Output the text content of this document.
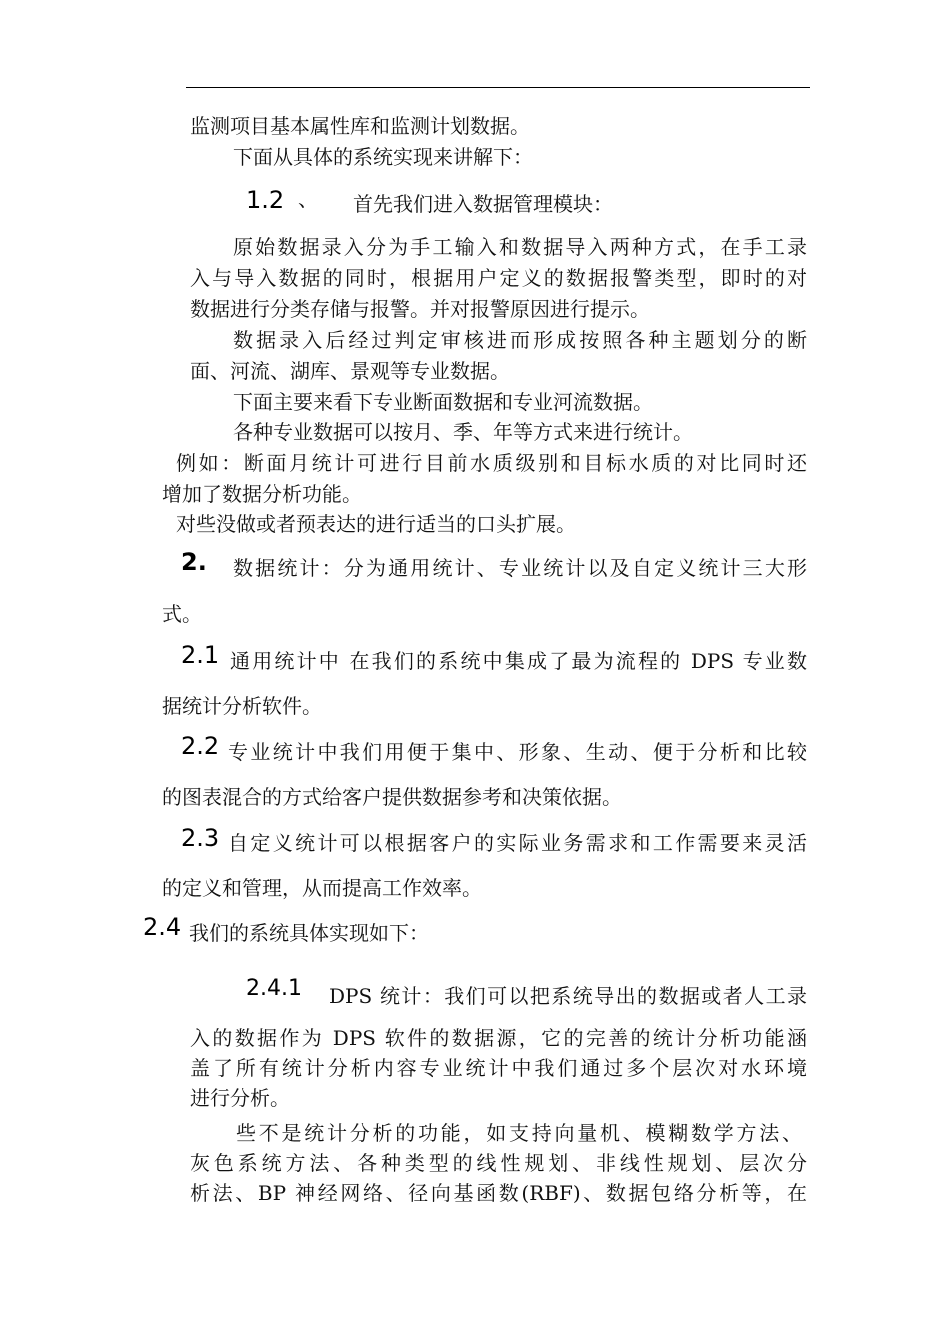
监测项目基本属性库和监测计划数据。
下面从具体的系统实现来讲解下：
1.2 、 首先我们进入数据管理模块：
原始数据录入分为手工输入和数据导入两种方式，在手工录
入与导入数据的同时，根据用户定义的数据报警类型，即时的对
数据进行分类存储与报警。并对报警原因进行提示。
数据录入后经过判定审核进而形成按照各种主题划分的断
面、河流、湖库、景观等专业数据。
下面主要来看下专业断面数据和专业河流数据。
各种专业数据可以按月、季、年等方式来进行统计。
例如：断面月统计可进行目前水质级别和目标水质的对比同时还
增加了数据分析功能。
对些没做或者预表达的进行适当的口头扩展。
2. 数据统计：分为通用统计、专业统计以及自定义统计三大形
式。
2.1 通用统计中 在我们的系统中集成了最为流程的 DPS 专业数
据统计分析软件。
2.2 专业统计中我们用便于集中、形象、生动、便于分析和比较
的图表混合的方式给客户提供数据参考和决策依据。
2.3 自定义统计可以根据客户的实际业务需求和工作需要来灵活
的定义和管理，从而提高工作效率。
2.4 我们的系统具体实现如下：
2.4.1 DPS 统计：我们可以把系统导出的数据或者人工录
入的数据作为 DPS 软件的数据源，它的完善的统计分析功能涵
盖了所有统计分析内容专业统计中我们通过多个层次对水环境
进行分析。
些不是统计分析的功能，如支持向量机、模糊数学方法、
灰色系统方法、各种类型的线性规划、非线性规划、层次分
析法、BP 神经网络、径向基函数(RBF)、数据包络分析等，在
